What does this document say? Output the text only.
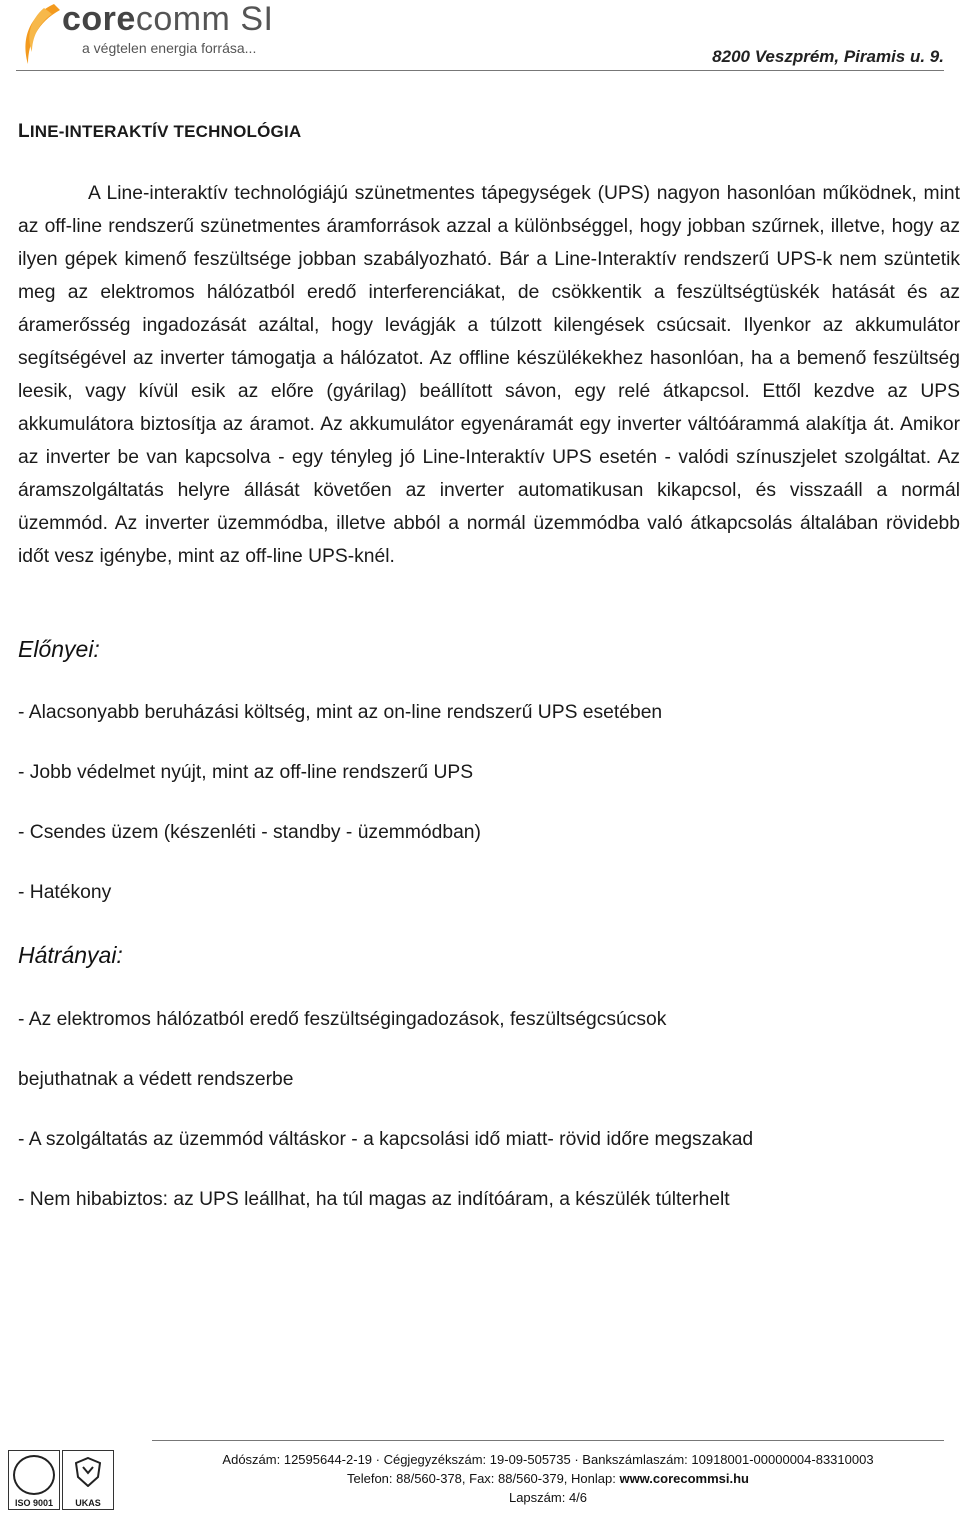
corecomm SI
a végtelen energia forrása...	8200 Veszprém, Piramis u. 9.
LINE-INTERAKTÍV TECHNOLÓGIA
A Line-interaktív technológiájú szünetmentes tápegységek (UPS) nagyon hasonlóan működnek, mint az off-line rendszerű szünetmentes áramforrások azzal a különbséggel, hogy jobban szűrnek, illetve, hogy az ilyen gépek kimenő feszültsége jobban szabályozható. Bár a Line-Interaktív rendszerű UPS-k nem szüntetik meg az elektromos hálózatból eredő interferenciákat, de csökkentik a feszültségtüskék hatását és az áramerősség ingadozását azáltal, hogy levágják a túlzott kilengések csúcsait. Ilyenkor az akkumulátor segítségével az inverter támogatja a hálózatot. Az offline készülékekhez hasonlóan, ha a bemenő feszültség leesik, vagy kívül esik az előre (gyárilag) beállított sávon, egy relé átkapcsol. Ettől kezdve az UPS akkumulátora biztosítja az áramot. Az akkumulátor egyenáramát egy inverter váltóárammá alakítja át. Amikor az inverter be van kapcsolva - egy tényleg jó Line-Interaktív UPS esetén - valódi színuszjelet szolgáltat. Az áramszolgáltatás helyre állását követően az inverter automatikusan kikapcsol, és visszaáll a normál üzemmód. Az inverter üzemmódba, illetve abból a normál üzemmódba való átkapcsolás általában rövidebb időt vesz igénybe, mint az off-line UPS-knél.
Előnyei:
- Alacsonyabb beruházási költség, mint az on-line rendszerű UPS esetében
- Jobb védelmet nyújt, mint az off-line rendszerű UPS
- Csendes üzem (készenléti - standby - üzemmódban)
- Hatékony
Hátrányai:
- Az elektromos hálózatból eredő feszültségingadozások, feszültségcsúcsok
bejuthatnak a védett rendszerbe
- A szolgáltatás az üzemmód váltáskor - a kapcsolási idő miatt- rövid időre megszakad
- Nem hibabiztos: az UPS leállhat, ha túl magas az indítóáram, a készülék túlterhelt
ISO 9001	UKAS
Adószám: 12595644-2-19 · Cégjegyzékszám: 19-09-505735 · Bankszámlaszám: 10918001-00000004-83310003
Telefon: 88/560-378, Fax: 88/560-379, Honlap: www.corecommsi.hu
Lapszám: 4/6
